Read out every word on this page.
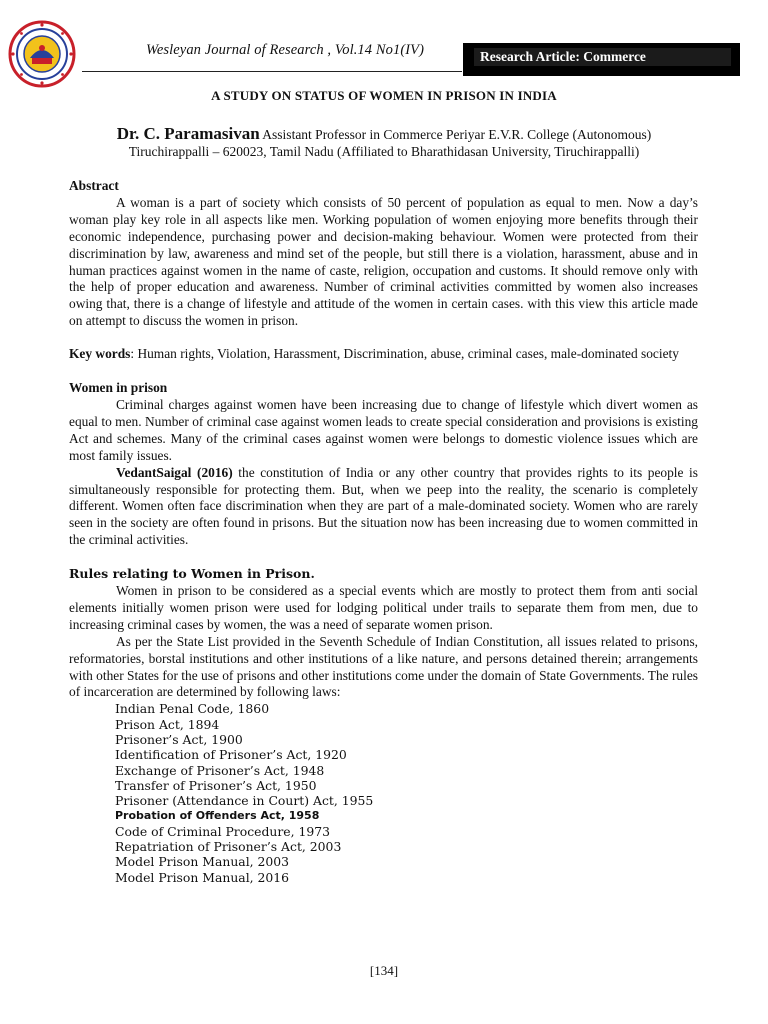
Wesleyan Journal of Research , Vol.14 No1(IV)	Research Article: Commerce
A STUDY ON STATUS OF WOMEN IN PRISON IN INDIA
Dr. C. Paramasivan Assistant Professor in Commerce Periyar E.V.R. College (Autonomous)
Tiruchirappalli – 620023, Tamil Nadu (Affiliated to Bharathidasan University, Tiruchirappalli)

Abstract

A woman is a part of society which consists of 50 percent of population as equal to men. Now a day’s woman play key role in all aspects like men. Working population of women enjoying more benefits through their economic independence, purchasing power and decision-making behaviour. Women were protected from their discrimination by law, awareness and mind set of the people, but still there is a violation, harassment, abuse and in human practices against women in the name of caste, religion, occupation and customs. It should remove only with the help of proper education and awareness. Number of criminal activities committed by women also increases owing that, there is a change of lifestyle and attitude of the women in certain cases. with this view this article made on attempt to discuss the women in prison.

Key words: Human rights, Violation, Harassment, Discrimination, abuse, criminal cases, male-dominated society

Women in prison

Criminal charges against women have been increasing due to change of lifestyle which divert women as equal to men. Number of criminal case against women leads to create special consideration and provisions is existing Act and schemes. Many of the criminal cases against women were belongs to domestic violence issues which are most family issues.

VedantSaigal (2016) the constitution of India or any other country that provides rights to its people is simultaneously responsible for protecting them. But, when we peep into the reality, the scenario is completely different. Women often face discrimination when they are part of a male-dominated society. Women who are rarely seen in the society are often found in prisons. But the situation now has been increasing due to women committed in the criminal activities.

Rules relating to Women in Prison.

Women in prison to be considered as a special events which are mostly to protect them from anti social elements initially women prison were used for lodging political under trails to separate them from men, due to increasing criminal cases by women, the was a need of separate women prison.

As per the State List provided in the Seventh Schedule of Indian Constitution, all issues related to prisons, reformatories, borstal institutions and other institutions of a like nature, and persons detained therein; arrangements with other States for the use of prisons and other institutions come under the domain of State Governments. The rules of incarceration are determined by following laws:

Indian Penal Code, 1860
Prison Act, 1894
Prisoner’s Act, 1900
Identification of Prisoner’s Act, 1920
Exchange of Prisoner’s Act, 1948
Transfer of Prisoner’s Act, 1950
Prisoner (Attendance in Court) Act, 1955
Probation of Offenders Act, 1958
Code of Criminal Procedure, 1973
Repatriation of Prisoner’s Act, 2003
Model Prison Manual, 2003
Model Prison Manual, 2016
[134]
